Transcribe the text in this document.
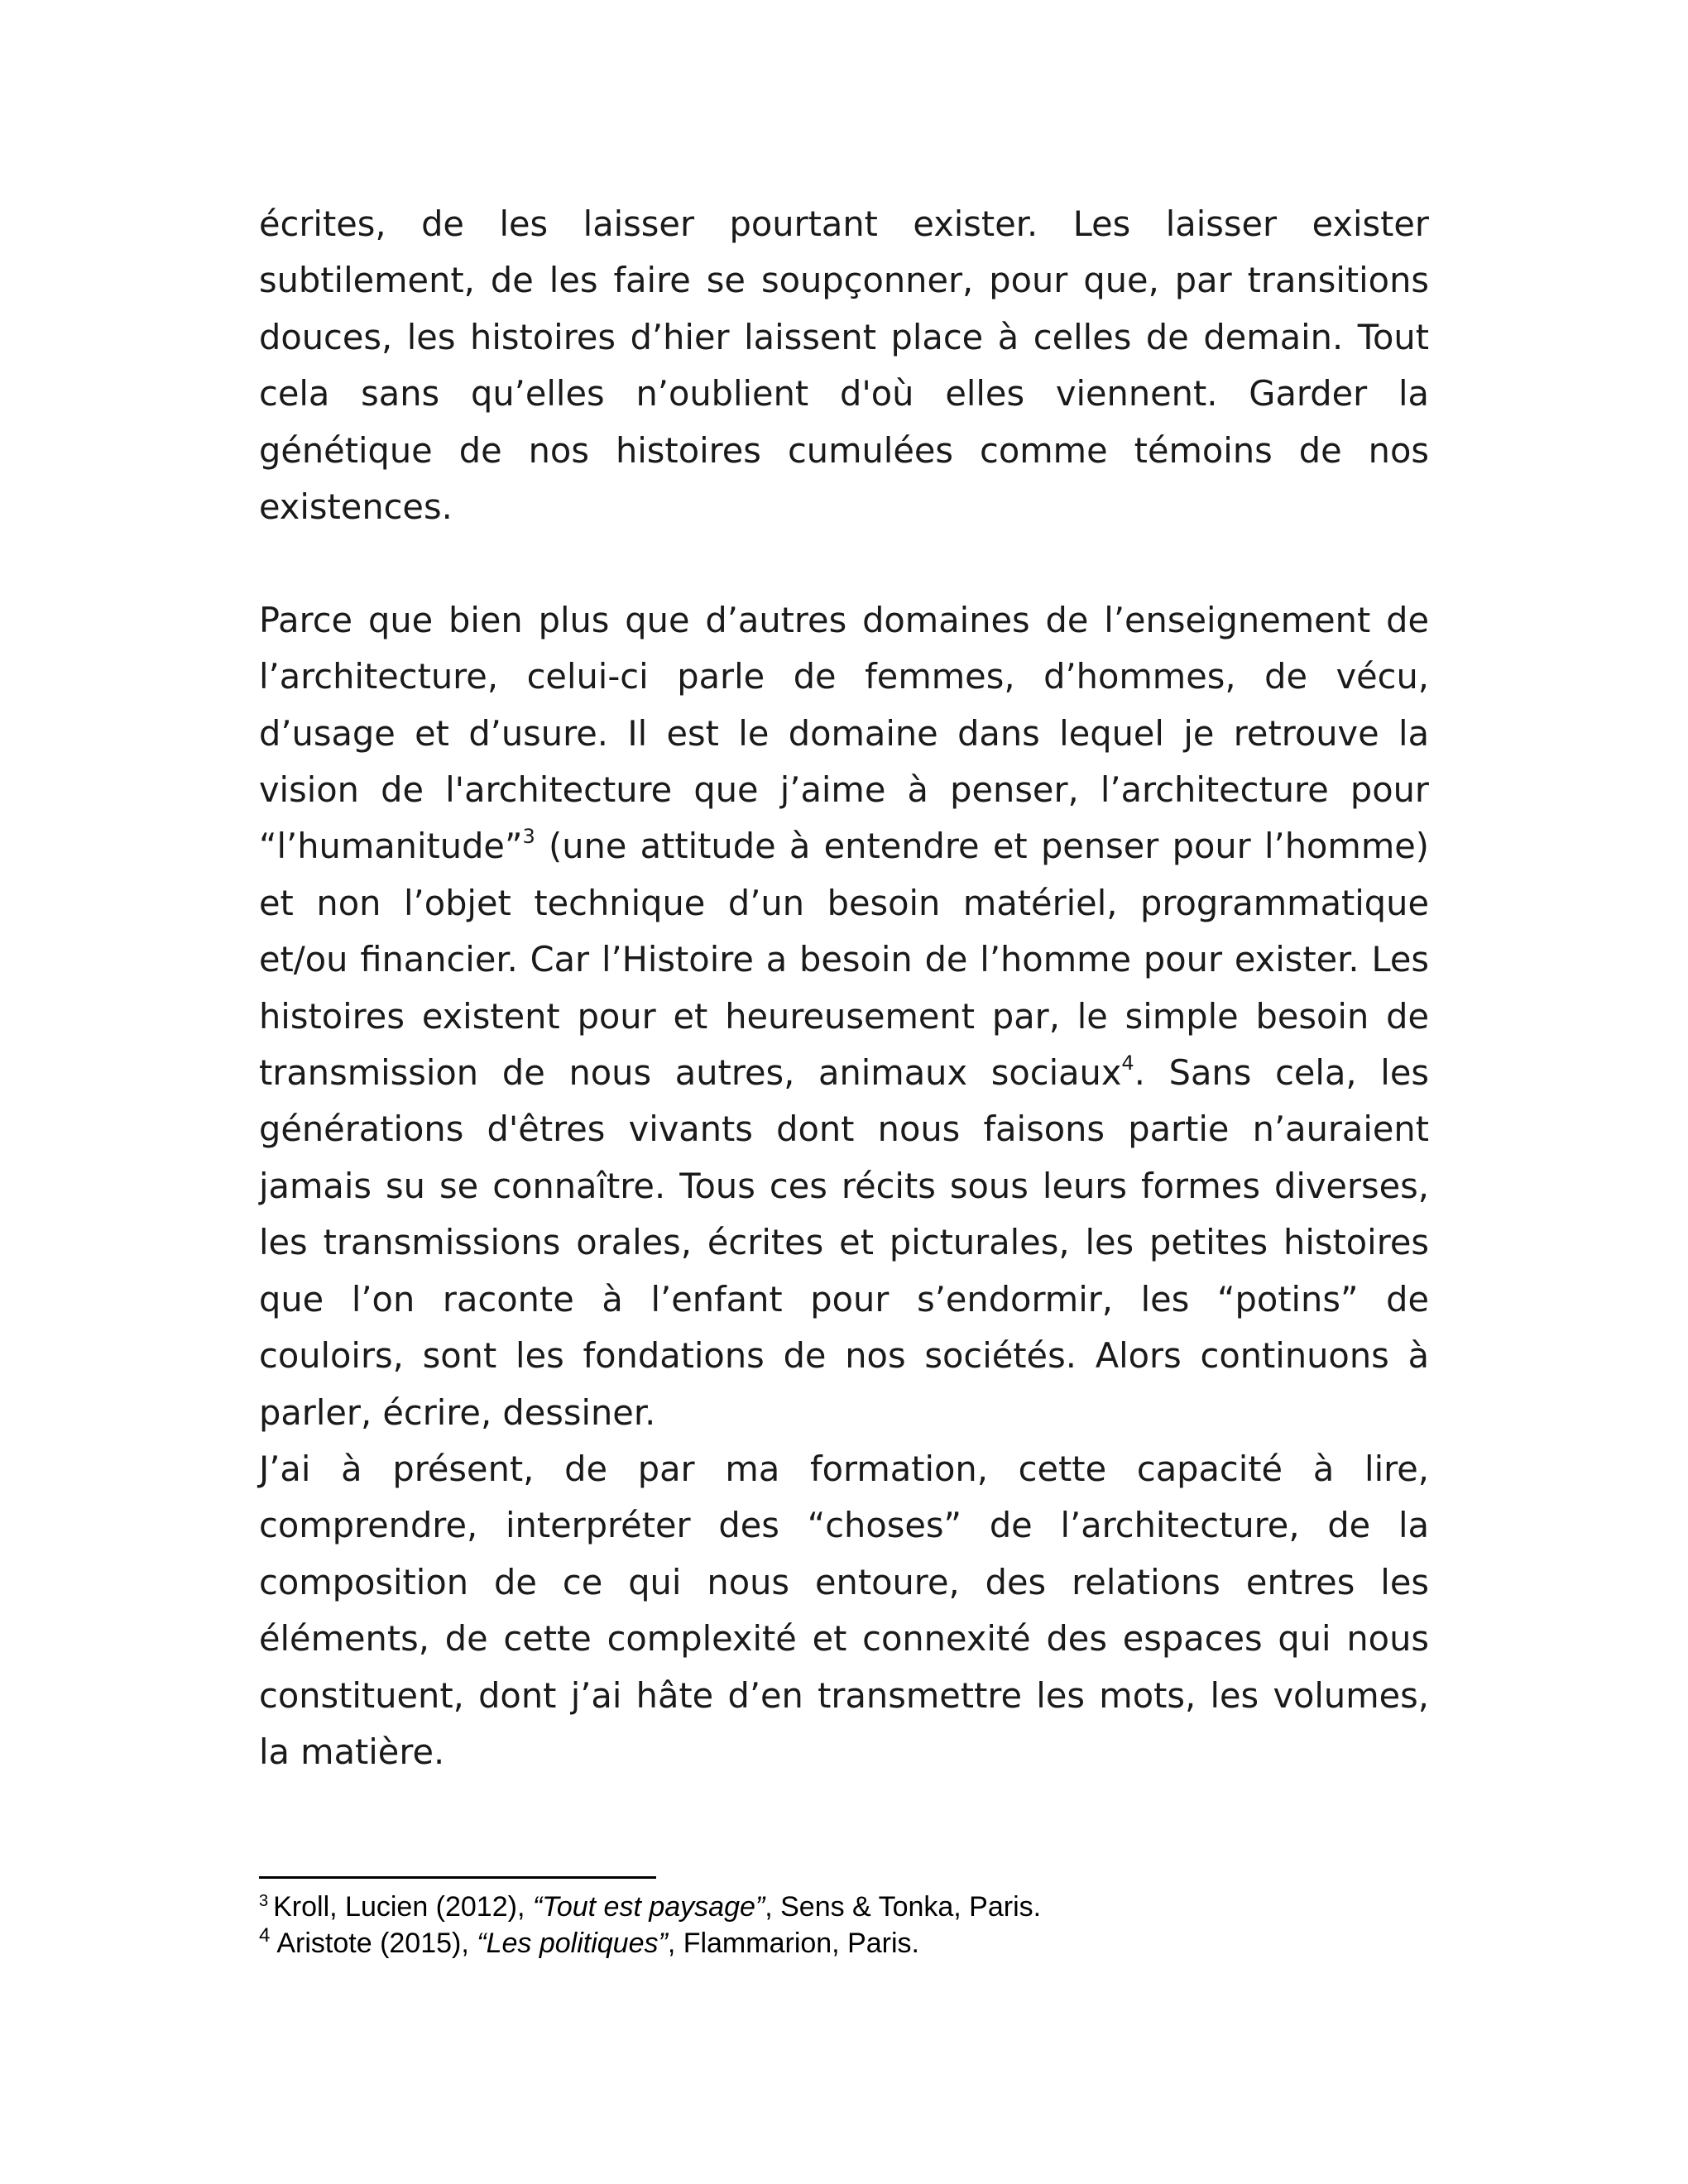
écrites, de les laisser pourtant exister. Les laisser exister subtilement, de les faire se soupçonner, pour que, par transitions douces, les histoires d’hier laissent place à celles de demain. Tout cela sans qu’elles n’oublient d'où elles viennent. Garder la génétique de nos histoires cumulées comme témoins de nos existences.

Parce que bien plus que d’autres domaines de l’enseignement de l’architecture, celui-ci parle de femmes, d’hommes, de vécu, d’usage et d’usure. Il est le domaine dans lequel je retrouve la vision de l'architecture que j’aime à penser, l’architecture pour “l’humanitude”$^3$ (une attitude à entendre et penser pour l’homme) et non l’objet technique d’un besoin matériel, programmatique et/ou financier. Car l’Histoire a besoin de l’homme pour exister. Les histoires existent pour et heureusement par, le simple besoin de transmission de nous autres, animaux sociaux$^4$. Sans cela, les générations d'êtres vivants dont nous faisons partie n’auraient jamais su se connaître. Tous ces récits sous leurs formes diverses, les transmissions orales, écrites et picturales, les petites histoires que l’on raconte à l’enfant pour s’endormir, les “potins” de couloirs, sont les fondations de nos sociétés. Alors continuons à parler, écrire, dessiner.

J’ai à présent, de par ma formation, cette capacité à lire, comprendre, interpréter des “choses” de l’architecture, de la composition de ce qui nous entoure, des relations entres les éléments, de cette complexité et connexité des espaces qui nous constituent, dont j’ai hâte d’en transmettre les mots, les volumes, la matière.

$^3$ Kroll, Lucien (2012), “Tout est paysage”, Sens & Tonka, Paris.

$^4$ Aristote (2015), “Les politiques”, Flammarion, Paris.
